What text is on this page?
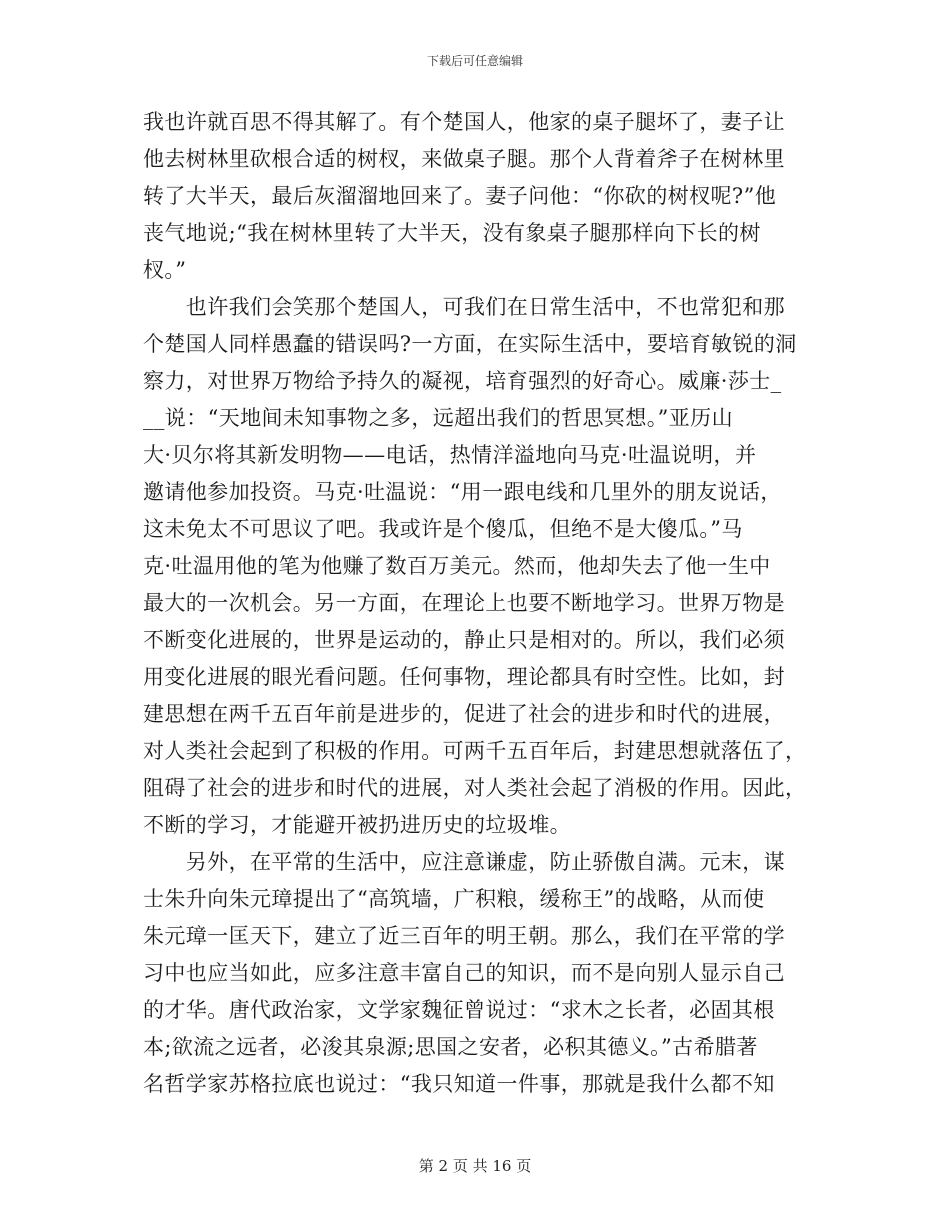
下载后可任意编辑
我也许就百思不得其解了。有个楚国人，他家的桌子腿坏了，妻子让
他去树林里砍根合适的树杈，来做桌子腿。那个人背着斧子在树林里
转了大半天，最后灰溜溜地回来了。妻子问他：“你砍的树杈呢?”他
丧气地说;“我在树林里转了大半天，没有象桌子腿那样向下长的树
杈。”
　　也许我们会笑那个楚国人，可我们在日常生活中，不也常犯和那
个楚国人同样愚蠢的错误吗?一方面，在实际生活中，要培育敏锐的洞
察力，对世界万物给予持久的凝视，培育强烈的好奇心。威廉·莎士_
__说：“天地间未知事物之多，远超出我们的哲思冥想。”亚历山
大·贝尔将其新发明物——电话，热情洋溢地向马克·吐温说明，并
邀请他参加投资。马克·吐温说：“用一跟电线和几里外的朋友说话，
这未免太不可思议了吧。我或许是个傻瓜，但绝不是大傻瓜。”马
克·吐温用他的笔为他赚了数百万美元。然而，他却失去了他一生中
最大的一次机会。另一方面，在理论上也要不断地学习。世界万物是
不断变化进展的，世界是运动的，静止只是相对的。所以，我们必须
用变化进展的眼光看问题。任何事物，理论都具有时空性。比如，封
建思想在两千五百年前是进步的，促进了社会的进步和时代的进展，
对人类社会起到了积极的作用。可两千五百年后，封建思想就落伍了，
阻碍了社会的进步和时代的进展，对人类社会起了消极的作用。因此，
不断的学习，才能避开被扔进历史的垃圾堆。
　　另外，在平常的生活中，应注意谦虚，防止骄傲自满。元末，谋
士朱升向朱元璋提出了“高筑墙，广积粮，缓称王”的战略，从而使
朱元璋一匡天下，建立了近三百年的明王朝。那么，我们在平常的学
习中也应当如此，应多注意丰富自己的知识，而不是向别人显示自己
的才华。唐代政治家，文学家魏征曾说过：“求木之长者，必固其根
本;欲流之远者，必浚其泉源;思国之安者，必积其德义。”古希腊著
名哲学家苏格拉底也说过：“我只知道一件事，那就是我什么都不知
第 2 页 共 16 页
